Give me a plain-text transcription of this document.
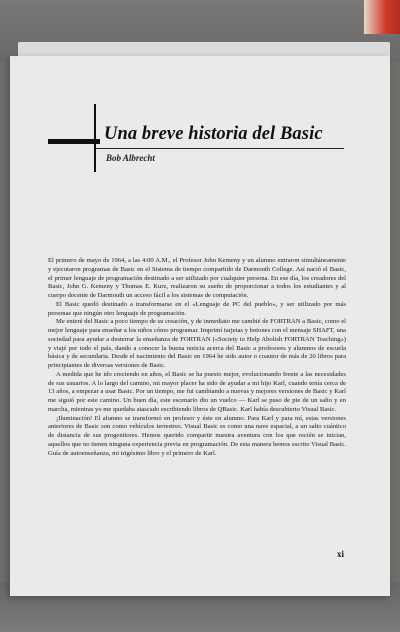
Una breve historia del Basic
Bob Albrecht

El primero de mayo de 1964, a las 4:00 A.M., el Profesor John Kemeny y un alumno entraron simultáneamente y ejecutaron programas de Basic en el Sistema de tiempo compartido de Darmouth College. Así nació el Basic, el primer lenguaje de programación destinado a ser utilizado por cualquier persona. En ese día, los creadores del Basic, John G. Kemeny y Thomas E. Kurz, realizaron su sueño de proporcionar a todos los estudiantes y al cuerpo docente de Darmouth un acceso fácil a los sistemas de computación.

El Basic quedó destinado a transformarse en el «Lenguaje de PC del pueblo», y ser utilizado por más personas que ningún otro lenguaje de programación.

Me enteré del Basic a poco tiempo de su creación, y de inmediato me cambié de FORTRAN a Basic, como el mejor lenguaje para enseñar a los niños cómo programar. Imprimí tarjetas y botones con el mensaje SHAFT, una sociedad para ayudar a desterrar la enseñanza de FORTRAN («Society to Help Abolish FORTRAN Teaching») y viajé por todo el país, dando a conocer la buena noticia acerca del Basic a profesores y alumnos de escuela básica y de secundaria. Desde el nacimiento del Basic en 1964 he sido autor o coautor de más de 20 libros para principiantes de diversas versiones de Basic.

A medida que he ido creciendo en años, el Basic se ha puesto mejor, evolucionando frente a las necesidades de sus usuarios. A lo largo del camino, mi mayor placer ha sido de ayudar a mi hijo Karl, cuando tenía cerca de 13 años, a empezar a usar Basic. Por un tiempo, me fui cambiando a nuevas y mejores versiones de Basic y Karl me siguió por este camino. Un buen día, este escenario dio un vuelco — Karl se puso de pie de un salto y en marcha, mientras yo me quedaba atascado escribiendo libros de QBasic. Karl había descubierto Visual Basic.

¡Iluminación! El alumno se transformó en profesor y éste en alumno. Para Karl y para mí, estas versiones anteriores de Basic son como vehículos terrestres. Visual Basic es como una nave espacial, a un salto cuántico de distancia de sus progenitores. Hemos querido compartir nuestra aventura con los que recién se inician, aquellos que no tienen ninguna experiencia previa en programación. De esta manera hemos escrito Visual Basic. Guía de autoenseñanza, mi trigésimo libro y el primero de Karl.

xi
